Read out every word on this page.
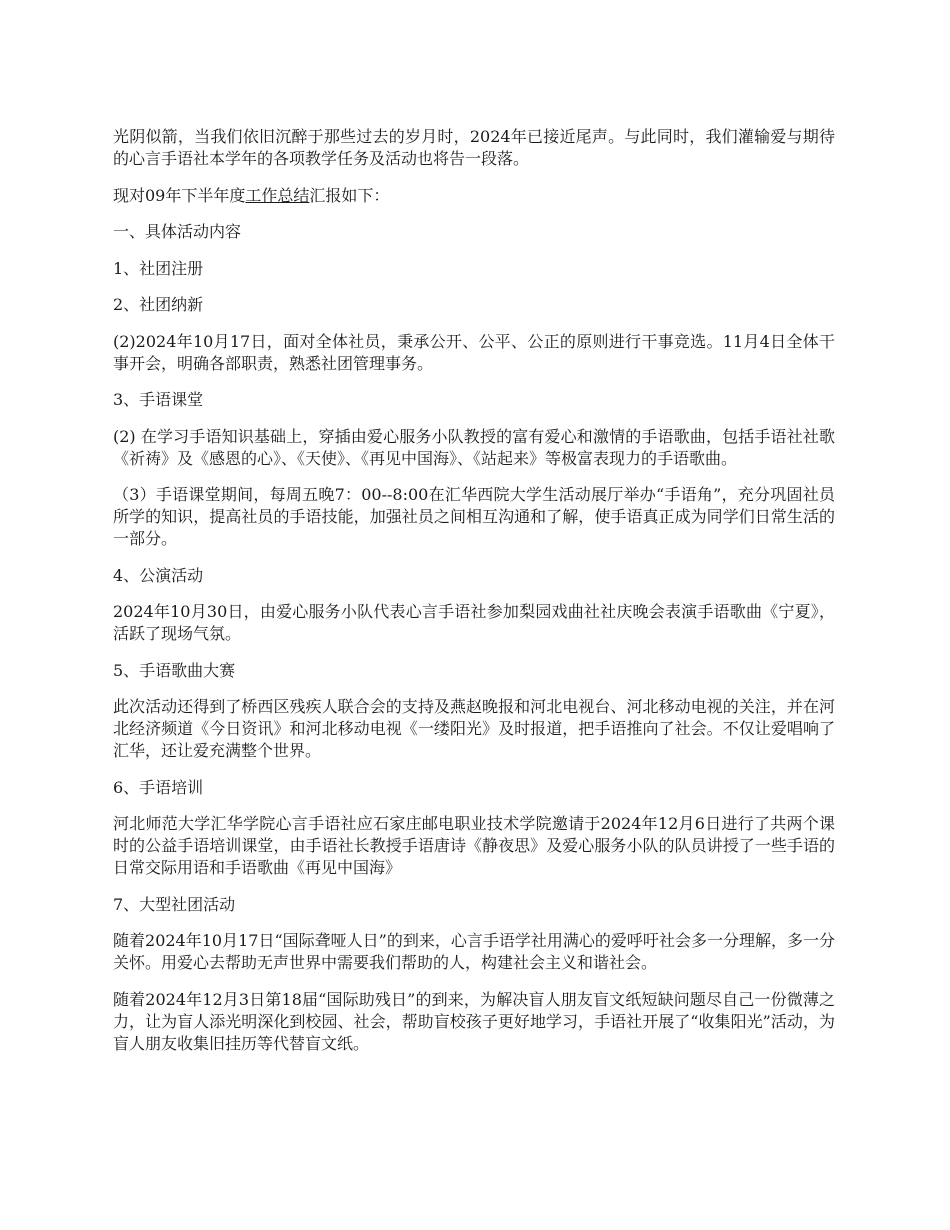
光阴似箭，当我们依旧沉醉于那些过去的岁月时，2024年已接近尾声。与此同时，我们灌输爱与期待的心言手语社本学年的各项教学任务及活动也将告一段落。

现对09年下半年度工作总结汇报如下：

一、具体活动内容

1、社团注册

2、社团纳新

(2)2024年10月17日，面对全体社员，秉承公开、公平、公正的原则进行干事竞选。11月4日全体干事开会，明确各部职责，熟悉社团管理事务。

3、手语课堂

(2) 在学习手语知识基础上，穿插由爱心服务小队教授的富有爱心和激情的手语歌曲，包括手语社社歌《祈祷》及《感恩的心》、《天使》、《再见中国海》、《站起来》等极富表现力的手语歌曲。

（3）手语课堂期间，每周五晚7：00--8:00在汇华西院大学生活动展厅举办“手语角”，充分巩固社员所学的知识，提高社员的手语技能，加强社员之间相互沟通和了解，使手语真正成为同学们日常生活的一部分。

4、公演活动

2024年10月30日，由爱心服务小队代表心言手语社参加梨园戏曲社社庆晚会表演手语歌曲《宁夏》，活跃了现场气氛。

5、手语歌曲大赛

此次活动还得到了桥西区残疾人联合会的支持及燕赵晚报和河北电视台、河北移动电视的关注，并在河北经济频道《今日资讯》和河北移动电视《一缕阳光》及时报道，把手语推向了社会。不仅让爱唱响了汇华，还让爱充满整个世界。

6、手语培训

河北师范大学汇华学院心言手语社应石家庄邮电职业技术学院邀请于2024年12月6日进行了共两个课时的公益手语培训课堂，由手语社长教授手语唐诗《静夜思》及爱心服务小队的队员讲授了一些手语的日常交际用语和手语歌曲《再见中国海》

7、大型社团活动

随着2024年10月17日“国际聋哑人日”的到来，心言手语学社用满心的爱呼吁社会多一分理解，多一分关怀。用爱心去帮助无声世界中需要我们帮助的人，构建社会主义和谐社会。

随着2024年12月3日第18届“国际助残日”的到来，为解决盲人朋友盲文纸短缺问题尽自己一份微薄之力，让为盲人添光明深化到校园、社会，帮助盲校孩子更好地学习，手语社开展了“收集阳光”活动，为盲人朋友收集旧挂历等代替盲文纸。
